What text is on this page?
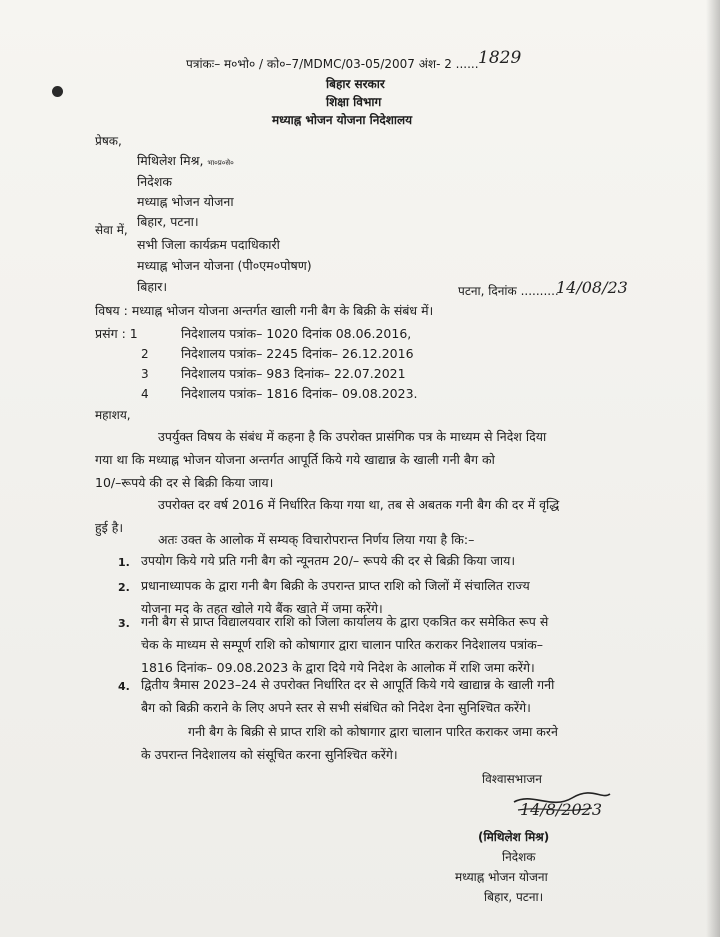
पत्रांकः– म०भो० / को०–7/MDMC/03-05/2007 अंश- 2 ...... 1829
बिहार सरकार
शिक्षा विभाग
मध्याह्न भोजन योजना निदेशालय
प्रेषक,
मिथिलेश मिश्र, भा०प्र०से०
निदेशक
मध्याह्न भोजन योजना
बिहार, पटना।
सेवा में,
सभी जिला कार्यक्रम पदाधिकारी
मध्याह्न भोजन योजना (पी०एम०पोषण)
बिहार।	पटना, दिनांक ..........
14/08/23
विषय : मध्याह्न भोजन योजना अन्तर्गत खाली गनी बैग के बिक्री के संबंध में।
प्रसंग : 1	निदेशालय पत्रांक– 1020 दिनांक 08.06.2016,
2	निदेशालय पत्रांक– 2245 दिनांक– 26.12.2016
3	निदेशालय पत्रांक– 983 दिनांक– 22.07.2021
4	निदेशालय पत्रांक– 1816 दिनांक– 09.08.2023.
महाशय,
उपर्युक्त विषय के संबंध में कहना है कि उपरोक्त प्रासंगिक पत्र के माध्यम से निदेश दिया
गया था कि मध्याह्न भोजन योजना अन्तर्गत आपूर्ति किये गये खाद्यान्न के खाली गनी बैग को
10/–रूपये की दर से बिक्री किया जाय।
उपरोक्त दर वर्ष 2016 में निर्धारित किया गया था, तब से अबतक गनी बैग की दर में वृद्धि
हुई है।
अतः उक्त के आलोक में सम्यक् विचारोपरान्त निर्णय लिया गया है कि:–
1. उपयोग किये गये प्रति गनी बैग को न्यूनतम 20/– रूपये की दर से बिक्री किया जाय।
2. प्रधानाध्यापक के द्वारा गनी बैग बिक्री के उपरान्त प्राप्त राशि को जिलों में संचालित राज्य
योजना मद के तहत खोले गये बैंक खाते में जमा करेंगे।
3. गनी बैग से प्राप्त विद्यालयवार राशि को जिला कार्यालय के द्वारा एकत्रित कर समेकित रूप से
चेक के माध्यम से सम्पूर्ण राशि को कोषागार द्वारा चालान पारित कराकर निदेशालय पत्रांक–
1816 दिनांक– 09.08.2023 के द्वारा दिये गये निदेश के आलोक में राशि जमा करेंगे।
4. द्वितीय त्रैमास 2023–24 से उपरोक्त निर्धारित दर से आपूर्ति किये गये खाद्यान्न के खाली गनी
बैग को बिक्री कराने के लिए अपने स्तर से सभी संबंधित को निदेश देना सुनिश्चित करेंगे।
गनी बैग के बिक्री से प्राप्त राशि को कोषागार द्वारा चालान पारित कराकर जमा करने
के उपरान्त निदेशालय को संसूचित करना सुनिश्चित करेंगे।
विश्वासभाजन
14/8/2023
(मिथिलेश मिश्र)
निदेशक
मध्याह्न भोजन योजना
बिहार, पटना।
